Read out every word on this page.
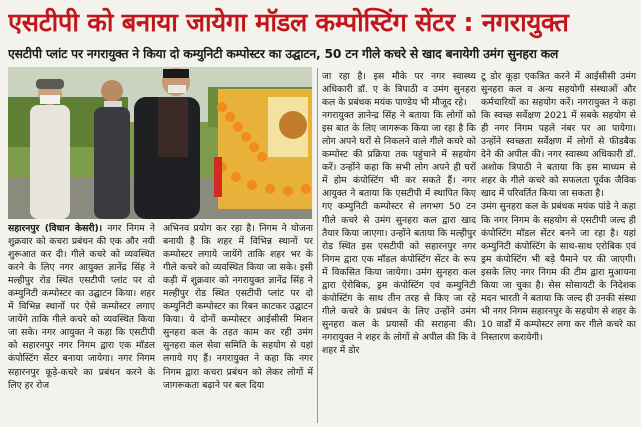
एसटीपी को बनाया जायेगा मॉडल कम्पोस्टिंग सेंटर : नगरायुक्त
एसटीपी प्लांट पर नगरायुक्त ने किया दो कम्युनिटी कम्पोस्टर का उद्घाटन, 50 टन गीले कचरे से खाद बनायेगी उमंग सुनहरा कल

सहारनपुर (विधान केसरी)। नगर निगम ने शुक्रवार को कचरा प्रबंधन की एक और नयी शुरूआत कर दी। गीले कचरे को व्यवस्थित करने के लिए नगर आयुक्त ज्ञानेंद्र सिंह ने मल्हीपुर रोड स्थित एसटीपी प्लांट पर दो कम्युनिटी कम्पोस्टर का उद्घाटन किया। शहर में विभिन्न स्थानों पर ऐसे कम्पोस्टर लगाए जायेंगे ताकि गीले कचरे को व्यवस्थित किया जा सके। नगर आयुक्त ने कहा कि एसटीपी को सहारनपुर नगर निगम द्वारा एक मॉडल कंपोस्टिंग सेंटर बनाया जायेगा। नगर निगम सहारनपुर कूड़े-कचरे का प्रबंधन करने के लिए हर रोज

अभिनव प्रयोग कर रहा है। निगम ने योजना बनायी है कि शहर में विभिन्न स्थानों पर कम्पोस्टर लगाये जायेंगे ताकि शहर भर के गीले कचरे को व्यवस्थित किया जा सके। इसी कड़ी में शुक्रवार को नगरायुक्त ज्ञानेंद्र सिंह ने मल्हीपुर रोड स्थित एसटीपी प्लांट पर दो कम्युनिटी कम्पोस्टर का रिबन काटकर उद्घाटन किया। ये दोनों कम्पोस्टर आईसीसी मिशन सुनहरा कल के तहत काम कर रही उमंग सुनहरा कल सेवा समिति के सहयोग से यहां लगाये गए हैं। नगरायुक्त ने कहा कि नगर निगम द्वारा कचरा प्रबंधन को लेकर लोगों में जागरूकता बढ़ाने पर बल दिया

जा रहा है। इस मौके पर नगर स्वास्थ्य अधिकारी डॉ. ए के त्रिपाठी व उमंग सुनहरा कल के प्रबंधक मयंक पाण्डेय भी मौजूद रहे।
नगरायुक्त ज्ञानेन्द्र सिंह ने बताया कि लोगों को इस बात के लिए जागरूक किया जा रहा है कि लोग अपने घरों से निकलने वाले गीले कचरे को कम्पोस्ट की प्रक्रिया तक पहुंचाने में सहयोग करें। उन्होंने कहा कि सभी लोग अपने ही घरों में होम कंपोस्टिंग भी कर सकते हैं। नगर आयुक्त ने बताया कि एसटीपी में स्थापित किए गए कम्युनिटी कम्पोस्टर से लगभग 50 टन गीले कचरे से उमंग सुनहरा कल द्वारा खाद तैयार किया जाएगा। उन्होंने बताया कि मल्हीपुर रोड स्थित इस एसटीपी को सहारनपुर नगर निगम द्वारा एक मॉडल कंपोस्टिंग सेंटर के रूप में विकसित किया जायेगा। उमंग सुनहरा कल द्वारा ऐरोबिक, ड्रम कंपोस्टिंग एवं कम्युनिटी कंपोस्टिंग के साथ तीन तरह से किए जा रहे गीले कचरे के प्रबंधन के लिए उन्होंने उमंग सुनहरा कल के प्रयासों की सराहना की। नगरायुक्त ने शहर के लोगों से अपील की कि वे शहर में डोर

टू डोर कूड़ा एकत्रित करने में आईसीसी उमंग सुनहरा कल व अन्य सहयोगी संस्थाओं और कर्मचारियों का सहयोग करें। नगरायुक्त ने कहा कि स्वच्छ सर्वेक्षण 2021 में सबके सहयोग से ही नगर निगम पहले नंबर पर आ पायेगा। उन्होंने स्वच्छता सर्वेक्षण में लोगों से फीडबैक देने की अपील की। नगर स्वास्थ्य अधिकारी डॉ. अशोक त्रिपाठी ने बताया कि इस माध्यम से शहर के गीले कचरे को सफलता पूर्वक जैविक खाद में परिवर्तित किया जा सकता है।
उमंग सुनहरा कल के प्रबंधक मयंक पांडे ने कहा कि नगर निगम के सहयोग से एसटीपी जल्द ही कंपोस्टिंग मॉडल सेंटर बनने जा रहा है। यहां कम्युनिटी कंपोस्टिंग के साथ-साथ एरोबिक एवं ड्रम कंपोस्टिंग भी बड़े पैमाने पर की जाएगी। इसके लिए नगर निगम की टीम द्वारा मुआयना किया जा चुका है। सेस सोसायटी के निदेशक मदन भारती ने बताया कि जल्द ही उनकी संस्था भी नगर निगम सहारनपुर के सहयोग से शहर के 10 वार्डों में कम्पोस्टर लगा कर गीले कचरे का निस्तारण करायेगी।
